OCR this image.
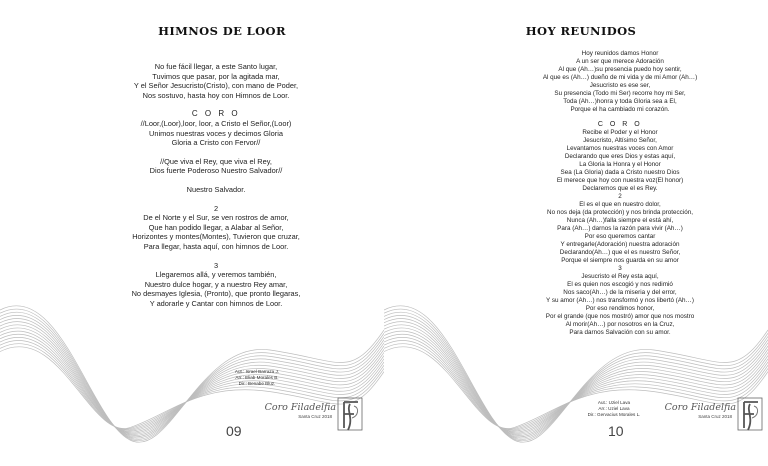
HIMNOS DE LOOR
No fue fácil llegar, a este Santo lugar,
Tuvimos que pasar, por la agitada mar,
Y el Señor Jesucristo(Cristo), con mano de Poder,
Nos sostuvo, hasta hoy con Himnos de Loor.
C O R O
//Loor,(Loor),loor, loor, a Cristo el Señor,(Loor)
Unimos nuestras voces y decimos Gloria
Gloria a Cristo con Fervor//
//Que viva el Rey, que viva el Rey,
Dios fuerte Poderoso Nuestro Salvador//
Nuestro Salvador.
2
De el Norte y el Sur, se ven rostros de amor,
Que han podido llegar, a Alabar al Señor,
Horizontes y montes(Montes), Tuvieron que cruzar,
Para llegar, hasta aquí, con himnos de Loor.
3
Llegaremos allá, y veremos también,
Nuestro dulce hogar, y a nuestro Rey amar,
No desmayes Iglesia, (Pronto), que pronto llegaras,
Y adorarle y Cantar con himnos de Loor.
Aut.: Israel Barraza J.
Arr.: Eliab Morales B.
Dir.: Benabe Bluz.
Coro Filadelfia
Santa Cruz 2018
09
HOY REUNIDOS
Hoy reunidos damos Honor
A un ser que merece Adoración
Al que (Ah…)su presencia puedo hoy sentir,
Al que es (Ah…) dueño de mi vida y de mi Amor (Ah…)
Jesucristo es ese ser,
Su presencia (Todo mi Ser) recorre hoy mi Ser,
Toda (Ah…)honra y toda Gloria sea a El,
Porque el ha cambiado mi corazón.
C O R O
Recibe el Poder y el Honor
Jesucristo, Altísimo Señor,
Levantamos nuestras voces con Amor
Declarando que eres Dios y estas aquí,
La Gloria la Honra y el Honor
Sea (La Gloria) dada a Cristo nuestro Dios
El merece que hoy con nuestra voz(El honor)
Declaremos que el es Rey.
2
El es el que en nuestro dolor,
No nos deja (da protección) y nos brinda protección,
Nunca (Ah…)falla siempre el está ahí,
Para (Ah…) darnos la razón para vivir (Ah…)
Por eso queremos cantar
Y entregarle(Adoración) nuestra adoración
Declarando(Ah…) que el es nuestro Señor,
Porque el siempre nos guarda en su amor
3
Jesucristo el Rey esta aquí,
El es quien nos escogió y nos redimió
Nos saco(Ah…) de la miseria y del error,
Y su amor (Ah…) nos transformó y nos libertó (Ah…)
Por eso rendimos honor,
Por el grande (que nos mostró) amor que nos mostro
Al morir(Ah…) por nosotros en la Cruz,
Para darnos Salvación con su amor.
Aut.: Uziel Lava
Arr.: Uziel Lava
Dir.: Gervacius Morales L.
Coro Filadelfia
Santa Cruz 2018
10
